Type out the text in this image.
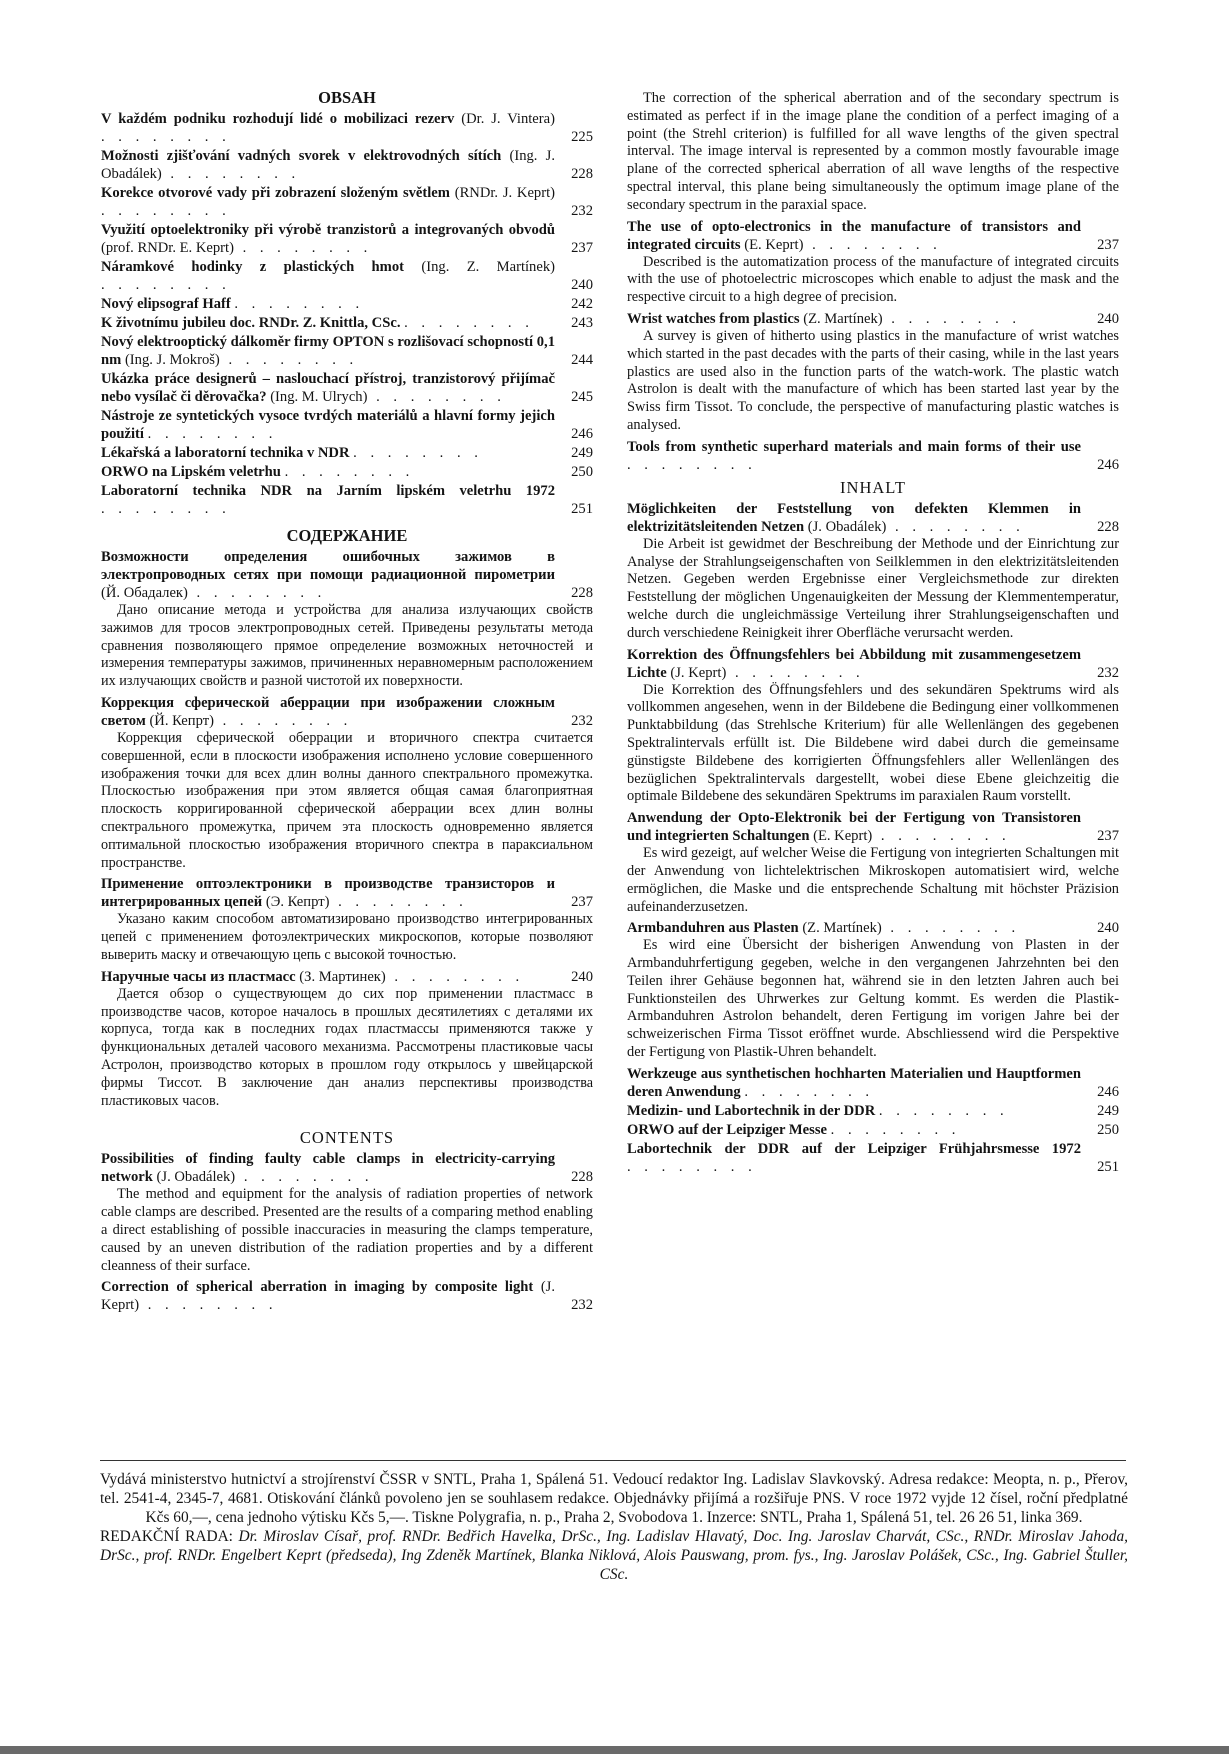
OBSAH
V každém podniku rozhodují lidé o mobilizaci rezerv (Dr. J. Vintera) . . . . . . . .	225
Možnosti zjišťování vadných svorek v elektrovodných sítích (Ing. J. Obadálek) . . . . . . . .	228
Korekce otvorové vady při zobrazení složeným světlem (RNDr. J. Keprt) . . . . . . . .	232
Využití optoelektroniky při výrobě tranzistorů a integrovaných obvodů (prof. RNDr. E. Keprt) . . . . . . . .	237
Náramkové hodinky z plastických hmot (Ing. Z. Martínek) . . . . . . . .	240
Nový elipsograf Haff . . . . . . . .	242
K životnímu jubileu doc. RNDr. Z. Knittla, CSc. . . . . . . . .	243
Nový elektrooptický dálkoměr firmy OPTON s rozlišovací schopností 0,1 nm (Ing. J. Mokroš) . . . . . . . .	244
Ukázka práce designerů – naslouchací přístroj, tranzistorový přijímač nebo vysílač či děrovačka? (Ing. M. Ulrych) . . . . . . . .	245
Nástroje ze syntetických vysoce tvrdých materiálů a hlavní formy jejich použití . . . . . . . .	246
Lékařská a laboratorní technika v NDR . . . . . . . .	249
ORWO na Lipském veletrhu . . . . . . . .	250
Laboratorní technika NDR na Jarním lipském veletrhu 1972 . . . . . . . .	251
СОДЕРЖАНИЕ
Возможности определения ошибочных зажимов в электропроводных сетях при помощи радиационной пирометрии (Й. Обадалек) . . . . . . . .	228

Дано описание метода и устройства для анализа излучающих свойств зажимов для тросов электропроводных сетей. Приведены результаты метода сравнения позволяющего прямое определение возможных неточностей и измерения температуры зажимов, причиненных неравномерным расположением их излучающих свойств и разной чистотой их поверхности.

Коррекция сферической аберрации при изображении сложным светом (Й. Кепрт) . . . . . . . .	232

Коррекция сферической оберрации и вторичного спектра считается совершенной, если в плоскости изображения исполнено условие совершенного изображения точки для всех длин волны данного спектрального промежутка. Плоскостью изображения при этом является общая самая благоприятная плоскость корригированной сферической аберрации всех длин волны спектрального промежутка, причем эта плоскость одновременно является оптимальной плоскостью изображения вторичного спектра в параксиальном пространстве.

Применение оптоэлектроники в производстве транзисторов и интегрированных цепей (Э. Кепрт) . . . . . . . .	237

Указано каким способом автоматизировано производство интегрированных цепей с применением фотоэлектрических микроскопов, которые позволяют выверить маску и отвечающую цепь с высокой точностью.

Наручные часы из пластмасс (З. Мартинек) . . . . . . . .	240

Дается обзор о существующем до сих пор применении пластмасс в производстве часов, которое началось в прошлых десятилетиях с деталями их корпуса, тогда как в последних годах пластмассы применяются также у функциональных деталей часового механизма. Рассмотрены пластиковые часы Астролон, производство которых в прошлом году открылось у швейцарской фирмы Тиссот. В заключение дан анализ перспективы производства пластиковых часов.

CONTENTS
Possibilities of finding faulty cable clamps in electricity-carrying network (J. Obadálek) . . . . . . . .	228

The method and equipment for the analysis of radiation properties of network cable clamps are described. Presented are the results of a comparing method enabling a direct establishing of possible inaccuracies in measuring the clamps temperature, caused by an uneven distribution of the radiation properties and by a different cleanness of their surface.

Correction of spherical aberration in imaging by composite light (J. Keprt) . . . . . . . .	232

The correction of the spherical aberration and of the secondary spectrum is estimated as perfect if in the image plane the condition of a perfect imaging of a point (the Strehl criterion) is fulfilled for all wave lengths of the given spectral interval. The image interval is represented by a common mostly favourable image plane of the corrected spherical aberration of all wave lengths of the respective spectral interval, this plane being simultaneously the optimum image plane of the secondary spectrum in the paraxial space.

The use of opto-electronics in the manufacture of transistors and integrated circuits (E. Keprt) . . . . . . . .	237

Described is the automatization process of the manufacture of integrated circuits with the use of photoelectric microscopes which enable to adjust the mask and the respective circuit to a high degree of precision.

Wrist watches from plastics (Z. Martínek) . . . . . . . .	240

A survey is given of hitherto using plastics in the manufacture of wrist watches which started in the past decades with the parts of their casing, while in the last years plastics are used also in the function parts of the watch-work. The plastic watch Astrolon is dealt with the manufacture of which has been started last year by the Swiss firm Tissot. To conclude, the perspective of manufacturing plastic watches is analysed.

Tools from synthetic superhard materials and main forms of their use . . . . . . . .	246
INHALT
Möglichkeiten der Feststellung von defekten Klemmen in elektrizitätsleitenden Netzen (J. Obadálek) . . . . . . . .	228

Die Arbeit ist gewidmet der Beschreibung der Methode und der Einrichtung zur Analyse der Strahlungseigenschaften von Seilklemmen in den elektrizitätsleitenden Netzen. Gegeben werden Ergebnisse einer Vergleichsmethode zur direkten Feststellung der möglichen Ungenauigkeiten der Messung der Klemmentemperatur, welche durch die ungleichmässige Verteilung ihrer Strahlungseigenschaften und durch verschiedene Reinigkeit ihrer Oberfläche verursacht werden.

Korrektion des Öffnungsfehlers bei Abbildung mit zusammengesetzem Lichte (J. Keprt) . . . . . . . .	232

Die Korrektion des Öffnungsfehlers und des sekundären Spektrums wird als vollkommen angesehen, wenn in der Bildebene die Bedingung einer vollkommenen Punktabbildung (das Strehlsche Kriterium) für alle Wellenlängen des gegebenen Spektralintervals erfüllt ist. Die Bildebene wird dabei durch die gemeinsame günstigste Bildebene des korrigierten Öffnungsfehlers aller Wellenlängen des bezüglichen Spektralintervals dargestellt, wobei diese Ebene gleichzeitig die optimale Bildebene des sekundären Spektrums im paraxialen Raum vorstellt.

Anwendung der Opto-Elektronik bei der Fertigung von Transistoren und integrierten Schaltungen (E. Keprt) . . . . . . . .	237

Es wird gezeigt, auf welcher Weise die Fertigung von integrierten Schaltungen mit der Anwendung von lichtelektrischen Mikroskopen automatisiert wird, welche ermöglichen, die Maske und die entsprechende Schaltung mit höchster Präzision aufeinanderzusetzen.

Armbanduhren aus Plasten (Z. Martínek) . . . . . . . .	240

Es wird eine Übersicht der bisherigen Anwendung von Plasten in der Armbanduhrfertigung gegeben, welche in den vergangenen Jahrzehnten bei den Teilen ihrer Gehäuse begonnen hat, während sie in den letzten Jahren auch bei Funktionsteilen des Uhrwerkes zur Geltung kommt. Es werden die Plastik-Armbanduhren Astrolon behandelt, deren Fertigung im vorigen Jahre bei der schweizerischen Firma Tissot eröffnet wurde. Abschliessend wird die Perspektive der Fertigung von Plastik-Uhren behandelt.

Werkzeuge aus synthetischen hochharten Materialien und Hauptformen deren Anwendung . . . . . . . .	246
Medizin- und Labortechnik in der DDR . . . . . . . .	249
ORWO auf der Leipziger Messe . . . . . . . .	250
Labortechnik der DDR auf der Leipziger Frühjahrsmesse 1972 . . . . . . . .	251

Vydává ministerstvo hutnictví a strojírenství ČSSR v SNTL, Praha 1, Spálená 51. Vedoucí redaktor Ing. Ladislav Slavkovský. Adresa redakce: Meopta, n. p., Přerov, tel. 2541-4, 2345-7, 4681. Otiskování článků povoleno jen se souhlasem redakce. Objednávky přijímá a rozšiřuje PNS. V roce 1972 vyjde 12 čísel, roční předplatné Kčs 60,—, cena jednoho výtisku Kčs 5,—. Tiskne Polygrafia, n. p., Praha 2, Svobodova 1. Inzerce: SNTL, Praha 1, Spálená 51, tel. 26 26 51, linka 369.

REDAKČNÍ RADA: Dr. Miroslav Císař, prof. RNDr. Bedřich Havelka, DrSc., Ing. Ladislav Hlavatý, Doc. Ing. Jaroslav Charvát, CSc., RNDr. Miroslav Jahoda, DrSc., prof. RNDr. Engelbert Keprt (předseda), Ing Zdeněk Martínek, Blanka Niklová, Alois Pauswang, prom. fys., Ing. Jaroslav Polášek, CSc., Ing. Gabriel Štuller, CSc.
